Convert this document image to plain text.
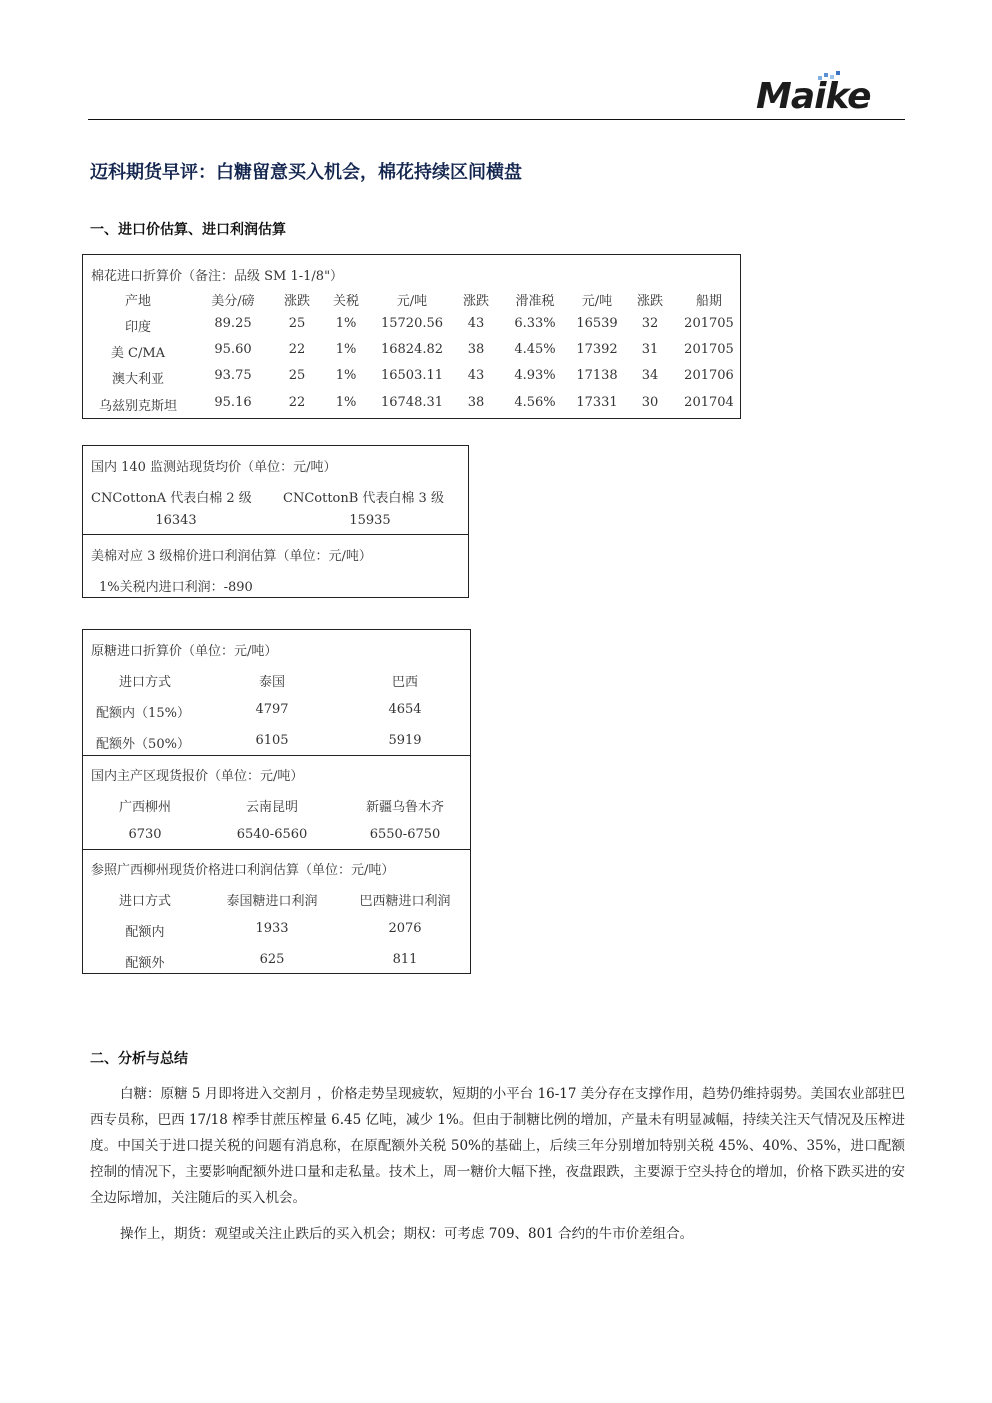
Maike
迈科期货早评：白糖留意买入机会，棉花持续区间横盘
一、进口价估算、进口利润估算
棉花进口折算价（备注：品级 SM 1-1/8"）
产地	美分/磅 涨跌 关税	元/吨	涨跌 滑准税 元/吨 涨跌	船期
印度	89.25	25 1% 15720.56 43 6.33% 16539 32 201705
美 C/MA	95.60	22 1% 16824.82 38 4.45% 17392 31 201705
澳大利亚	93.75	25 1% 16503.11 43 4.93% 17138 34 201706
乌兹别克斯坦	95.16	22 1% 16748.31 38 4.56% 17331 30 201704
国内 140 监测站现货均价（单位：元/吨）
CNCottonA 代表白棉 2 级 CNCottonB 代表白棉 3 级
16343	15935
美棉对应 3 级棉价进口利润估算（单位：元/吨）
1%关税内进口利润：-890
原糖进口折算价（单位：元/吨）
进口方式	泰国	巴西
配额内（15%）	4797	4654
配额外（50%）	6105	5919
国内主产区现货报价（单位：元/吨）
广西柳州	云南昆明	新疆乌鲁木齐
6730	6540-6560	6550-6750
参照广西柳州现货价格进口利润估算（单位：元/吨）
进口方式	泰国糖进口利润	巴西糖进口利润
配额内	1933	2076
配额外	625	811
二、分析与总结
白糖：原糖 5 月即将进入交割月 ，价格走势呈现疲软，短期的小平台 16-17 美分存在支撑作用，趋势仍维持弱势。美国农业部驻巴西专员称，巴西 17/18 榨季甘蔗压榨量 6.45 亿吨，减少 1%。但由于制糖比例的增加，产量未有明显减幅，持续关注天气情况及压榨进度。中国关于进口提关税的问题有消息称，在原配额外关税 50%的基础上，后续三年分别增加特别关税 45%、40%、35%，进口配额控制的情况下，主要影响配额外进口量和走私量。技术上，周一糖价大幅下挫，夜盘跟跌，主要源于空头持仓的增加，价格下跌买进的安全边际增加，关注随后的买入机会。
操作上，期货：观望或关注止跌后的买入机会；期权：可考虑 709、801 合约的牛市价差组合。
